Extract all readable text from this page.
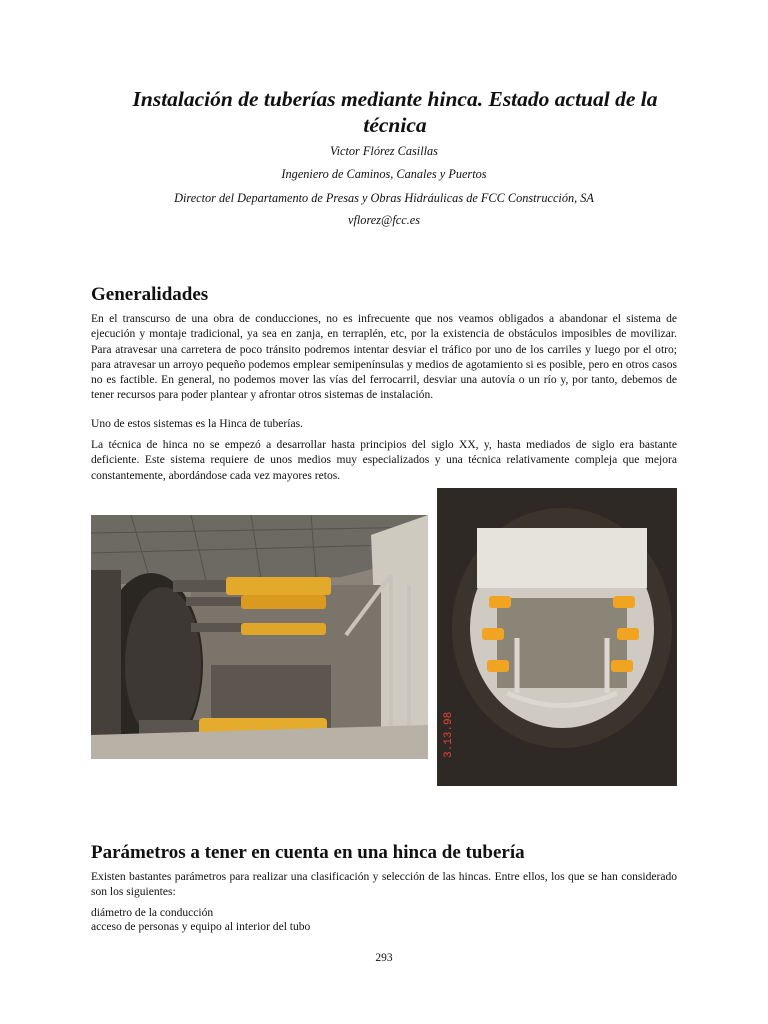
Instalación de tuberías mediante hinca. Estado actual de la técnica

Victor Flórez Casillas

Ingeniero de Caminos, Canales y Puertos

Director del Departamento de Presas y Obras Hidráulicas de FCC Construcción, SA

vflorez@fcc.es

Generalidades

En el transcurso de una obra de conducciones, no es infrecuente que nos veamos obligados a abandonar el sistema de ejecución y montaje tradicional, ya sea en zanja, en terraplén, etc, por la existencia de obstáculos imposibles de movilizar. Para atravesar una carretera de poco tránsito podremos intentar desviar el tráfico por uno de los carriles y luego por el otro; para atravesar un arroyo pequeño podemos emplear semipenínsulas y medios de agotamiento si es posible, pero en otros casos no es factible. En general, no podemos mover las vías del ferrocarril, desviar una autovía o un río y, por tanto, debemos de tener recursos para poder plantear y afrontar otros sistemas de instalación.

Uno de estos sistemas es la Hinca de tuberías.

La técnica de hinca no se empezó a desarrollar hasta principios del siglo XX, y, hasta mediados de siglo era bastante deficiente. Este sistema requiere de unos medios muy especializados y una técnica relativamente compleja que mejora constantemente, abordándose cada vez mayores retos.

3.13.98
Parámetros a tener en cuenta en una hinca de tubería

Existen bastantes parámetros para realizar una clasificación y selección de las hincas. Entre ellos, los que se han considerado son los siguientes:

diámetro de la conducción

acceso de personas y equipo al interior del tubo

293
